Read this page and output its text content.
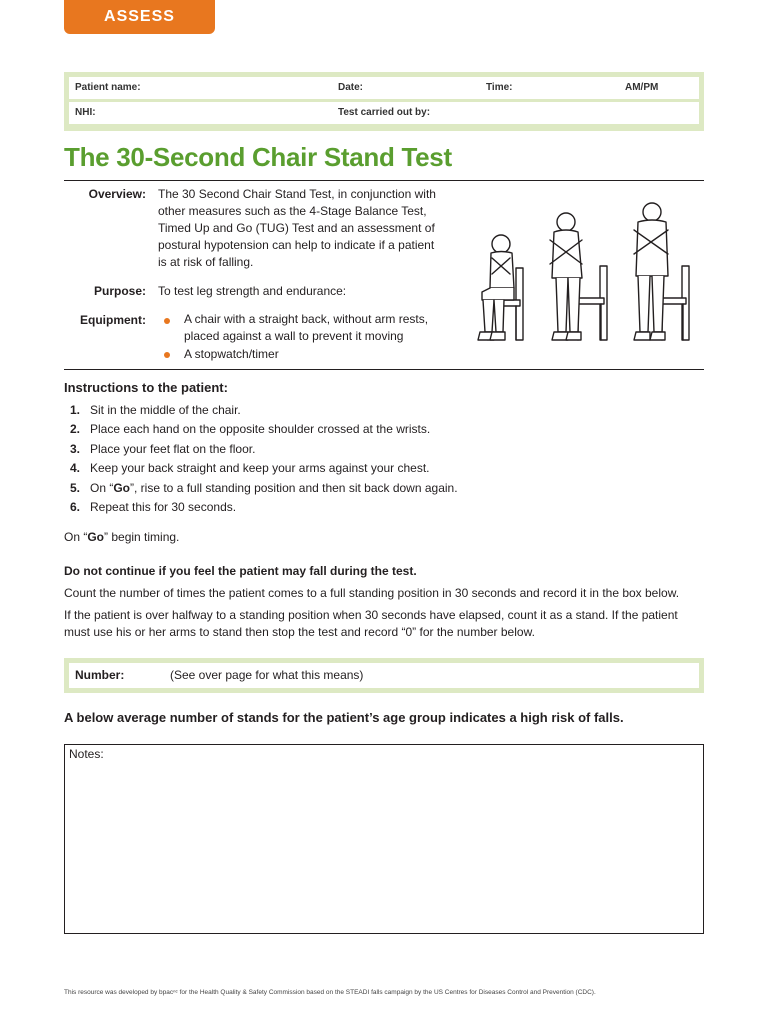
ASSESS
Patient name:	Date:	Time:	AM/PM
NHI:	Test carried out by:
The 30-Second Chair Stand Test
Overview: The 30 Second Chair Stand Test, in conjunction with
other measures such as the 4-Stage Balance Test,
Timed Up and Go (TUG) Test and an assessment of
postural hypotension can help to indicate if a patient
is at risk of falling.
Purpose: To test leg strength and endurance:
Equipment:	A chair with a straight back, without arm rests,
placed against a wall to prevent it moving
A stopwatch/timer
Instructions to the patient:
1. Sit in the middle of the chair.
2. Place each hand on the opposite shoulder crossed at the wrists.
3. Place your feet flat on the floor.
4. Keep your back straight and keep your arms against your chest.
5. On “Go”, rise to a full standing position and then sit back down again.
6. Repeat this for 30 seconds.
On “Go” begin timing.
Do not continue if you feel the patient may fall during the test.
Count the number of times the patient comes to a full standing position in 30 seconds and record it in the box below.
If the patient is over halfway to a standing position when 30 seconds have elapsed, count it as a stand. If the patient must use his or her arms to stand then stop the test and record “0” for the number below.
Number:	(See over page for what this means)
A below average number of stands for the patient’s age group indicates a high risk of falls.
Notes:
This resource was developed by bpacⁿᶜ for the Health Quality & Safety Commission based on the STEADI falls campaign by the US Centres for Diseases Control and Prevention (CDC).
